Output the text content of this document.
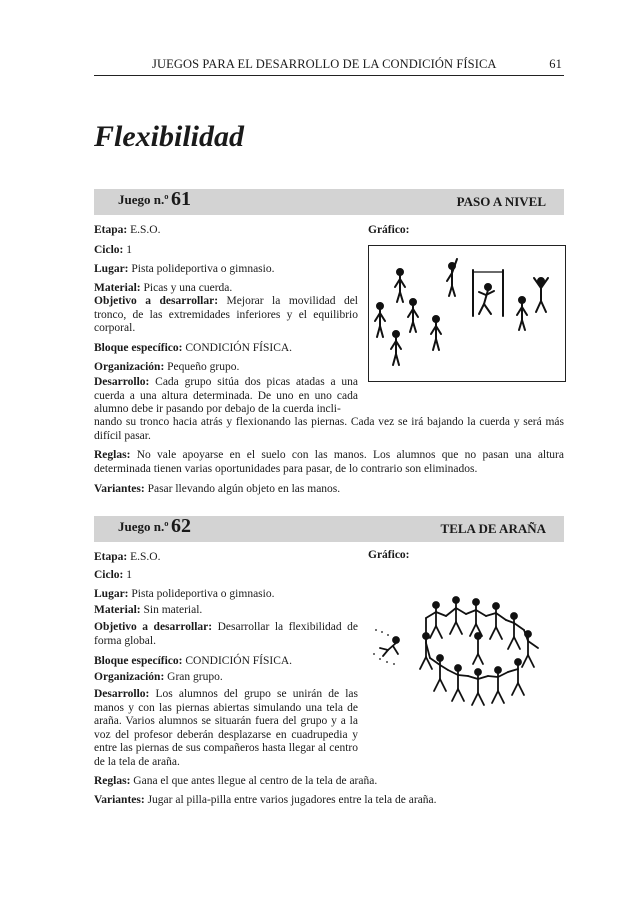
JUEGOS PARA EL DESARROLLO DE LA CONDICIÓN FÍSICA	61
Flexibilidad
Juego n.º 61	PASO A NIVEL
Gráfico:

Etapa: E.S.O.

Ciclo: 1

Lugar: Pista polideportiva o gimnasio.

Material: Picas y una cuerda.

Objetivo a desarrollar: Mejorar la movilidad del tronco, de las extremidades inferiores y el equilibrio corporal.

Bloque específico: CONDICIÓN FÍSICA.

Organización: Pequeño grupo.

Desarrollo: Cada grupo sitúa dos picas atadas a una cuerda a una altura determinada. De uno en uno cada alumno debe ir pasando por debajo de la cuerda incli-

nando su tronco hacia atrás y flexionando las piernas. Cada vez se irá bajando la cuerda y será más difícil pasar.

Reglas: No vale apoyarse en el suelo con las manos. Los alumnos que no pasan una altura determinada tienen varias oportunidades para pasar, de lo contrario son eliminados.

Variantes: Pasar llevando algún objeto en las manos.

Juego n.º 62	TELA DE ARAÑA
Gráfico:

Etapa: E.S.O.

Ciclo: 1

Lugar: Pista polideportiva o gimnasio.

Material: Sin material.

Objetivo a desarrollar: Desarrollar la flexibilidad de forma global.

Bloque específico: CONDICIÓN FÍSICA.

Organización: Gran grupo.

Desarrollo: Los alumnos del grupo se unirán de las manos y con las piernas abiertas simulando una tela de araña. Varios alumnos se situarán fuera del grupo y a la voz del profesor deberán desplazarse en cuadrupedia y entre las piernas de sus compañeros hasta llegar al centro de la tela de araña.

Reglas: Gana el que antes llegue al centro de la tela de araña.

Variantes: Jugar al pilla-pilla entre varios jugadores entre la tela de araña.
